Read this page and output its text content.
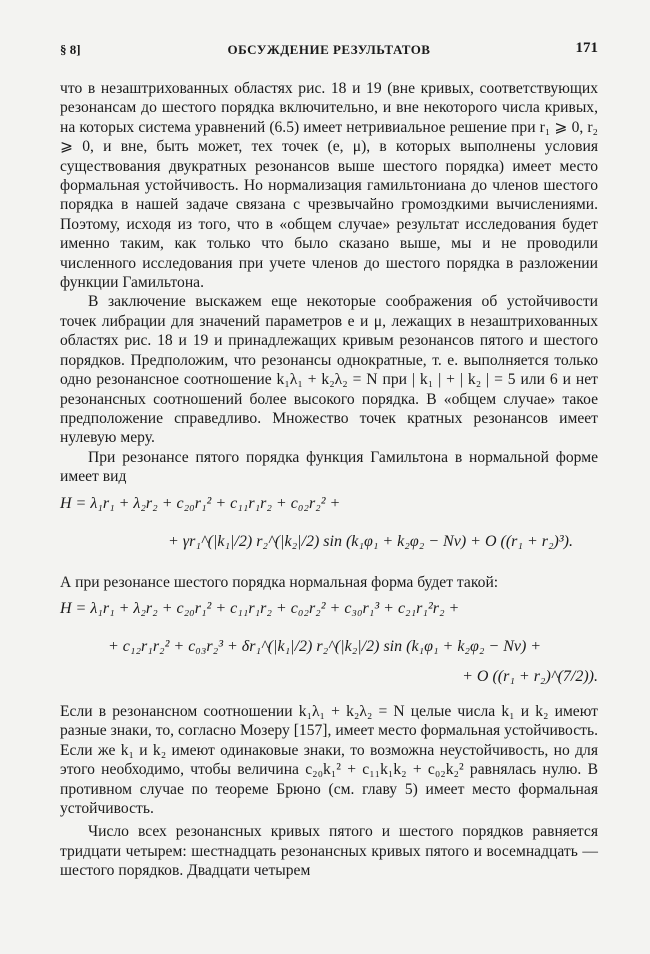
§ 8]	ОБСУЖДЕНИЕ РЕЗУЛЬТАТОВ	171

что в незаштрихованных областях рис. 18 и 19 (вне кривых, соответствующих резонансам до шестого порядка включительно, и вне некоторого числа кривых, на которых система уравнений (6.5) имеет нетривиальное решение при r₁ ⩾ 0, r₂ ⩾ 0, и вне, быть может, тех точек (e, μ), в которых выполнены условия существования двукратных резонансов выше шестого порядка) имеет место формальная устойчивость. Но нормализация гамильтониана до членов шестого порядка в нашей задаче связана с чрезвычайно громоздкими вычислениями. Поэтому, исходя из того, что в «общем случае» результат исследования будет именно таким, как только что было сказано выше, мы и не проводили численного исследования при учете членов до шестого порядка в разложении функции Гамильтона.

В заключение выскажем еще некоторые соображения об устойчивости точек либрации для значений параметров e и μ, лежащих в незаштрихованных областях рис. 18 и 19 и принадлежащих кривым резонансов пятого и шестого порядков. Предположим, что резонансы однократные, т. е. выполняется только одно резонансное соотношение k₁λ₁ + k₂λ₂ = N при | k₁ | + | k₂ | = 5 или 6 и нет резонансных соотношений более высокого порядка. В «общем случае» такое предположение справедливо. Множество точек кратных резонансов имеет нулевую меру.

При резонансе пятого порядка функция Гамильтона в нормальной форме имеет вид

H = λ₁r₁ + λ₂r₂ + c₂₀r₁² + c₁₁r₁r₂ + c₀₂r₂² +
+ γr₁^(|k₁|/2) r₂^(|k₂|/2) sin (k₁φ₁ + k₂φ₂ − Nν) + O ((r₁ + r₂)³).

А при резонансе шестого порядка нормальная форма будет такой:

H = λ₁r₁ + λ₂r₂ + c₂₀r₁² + c₁₁r₁r₂ + c₀₂r₂² + c₃₀r₁³ + c₂₁r₁²r₂ +
+ c₁₂r₁r₂² + c₀₃r₂³ + δr₁^(|k₁|/2) r₂^(|k₂|/2) sin (k₁φ₁ + k₂φ₂ − Nν) +
+ O ((r₁ + r₂)^(7/2)).

Если в резонансном соотношении k₁λ₁ + k₂λ₂ = N целые числа k₁ и k₂ имеют разные знаки, то, согласно Мозеру [157], имеет место формальная устойчивость. Если же k₁ и k₂ имеют одинаковые знаки, то возможна неустойчивость, но для этого необходимо, чтобы величина c₂₀k₁² + c₁₁k₁k₂ + c₀₂k₂² равнялась нулю. В противном случае по теореме Брюно (см. главу 5) имеет место формальная устойчивость.

Число всех резонансных кривых пятого и шестого порядков равняется тридцати четырем: шестнадцать резонансных кривых пятого и восемнадцать — шестого порядков. Двадцати четырем
